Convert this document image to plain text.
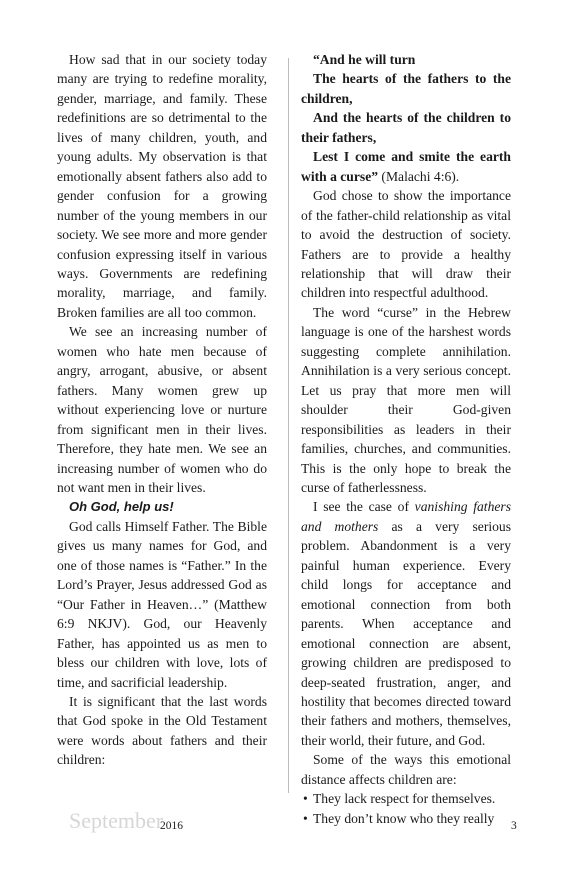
How sad that in our society today many are trying to redefine morality, gender, marriage, and family. These redefinitions are so detrimental to the lives of many children, youth, and young adults. My observation is that emotionally absent fathers also add to gender confusion for a growing number of the young members in our society. We see more and more gender confusion expressing itself in various ways. Governments are redefining morality, marriage, and family. Broken families are all too common.

We see an increasing number of women who hate men because of angry, arrogant, abusive, or absent fathers. Many women grew up without experiencing love or nurture from significant men in their lives. Therefore, they hate men. We see an increasing number of women who do not want men in their lives.

Oh God, help us!

God calls Himself Father. The Bible gives us many names for God, and one of those names is “Father.” In the Lord’s Prayer, Jesus addressed God as “Our Father in Heaven…” (Matthew 6:9 NKJV). God, our Heavenly Father, has appointed us as men to bless our children with love, lots of time, and sacrificial leadership.

It is significant that the last words that God spoke in the Old Testament were words about fathers and their children:

“And he will turn

The hearts of the fathers to the children,

And the hearts of the children to their fathers,

Lest I come and smite the earth with a curse” (Malachi 4:6).

God chose to show the importance of the father-child relationship as vital to avoid the destruction of society. Fathers are to provide a healthy relationship that will draw their children into respectful adulthood.

The word “curse” in the Hebrew language is one of the harshest words suggesting complete annihilation. Annihilation is a very serious concept. Let us pray that more men will shoulder their God-given responsibilities as leaders in their families, churches, and communities. This is the only hope to break the curse of fatherlessness.

I see the case of vanishing fathers and mothers as a very serious problem. Abandonment is a very painful human experience. Every child longs for acceptance and emotional connection from both parents. When acceptance and emotional connection are absent, growing children are predisposed to deep-seated frustration, anger, and hostility that becomes directed toward their fathers and mothers, themselves, their world, their future, and God.

Some of the ways this emotional distance affects children are:

• They lack respect for themselves.

• They don’t know who they really

September
2016	3
